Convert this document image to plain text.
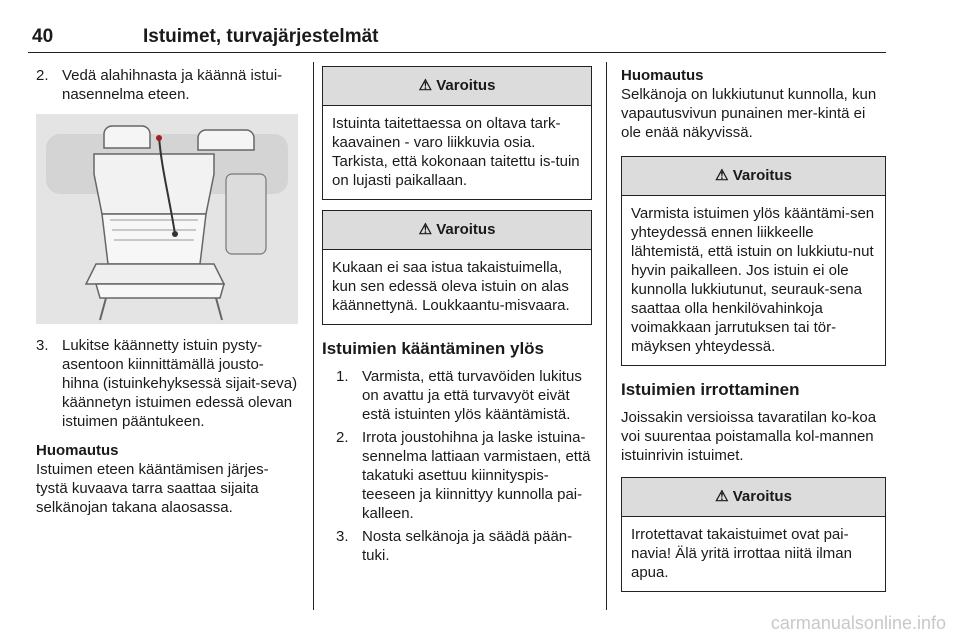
40	Istuimet, turvajärjestelmät
2. Vedä alahihnasta ja käännä istui-nasennelma eteen.
3. Lukitse käännetty istuin pysty-asentoon kiinnittämällä jousto-hihna (istuinkehyksessä sijait-seva) käännetyn istuimen edessä olevan istuimen pääntukeen.
Huomautus
Istuimen eteen kääntämisen järjes-tystä kuvaava tarra saattaa sijaita selkänojan takana alaosassa.
⚠ Varoitus
Istuinta taitettaessa on oltava tark-kaavainen - varo liikkuvia osia. Tarkista, että kokonaan taitettu is-tuin on lujasti paikallaan.
⚠ Varoitus
Kukaan ei saa istua takaistuimella, kun sen edessä oleva istuin on alas käännettynä. Loukkaantu-misvaara.
Istuimien kääntäminen ylös
1. Varmista, että turvavöiden lukitus on avattu ja että turvavyöt eivät estä istuinten ylös kääntämistä.
2. Irrota joustohihna ja laske istuina-sennelma lattiaan varmistaen, että takatuki asettuu kiinnityspis-teeseen ja kiinnittyy kunnolla pai-kalleen.
3. Nosta selkänoja ja säädä pään-tuki.
Huomautus
Selkänoja on lukkiutunut kunnolla, kun vapautusvivun punainen mer-kintä ei ole enää näkyvissä.
⚠ Varoitus
Varmista istuimen ylös kääntämi-sen yhteydessä ennen liikkeelle lähtemistä, että istuin on lukkiutu-nut hyvin paikalleen. Jos istuin ei ole kunnolla lukkiutunut, seurauk-sena saattaa olla henkilövahinkoja voimakkaan jarrutuksen tai tör-mäyksen yhteydessä.
Istuimien irrottaminen
Joissakin versioissa tavaratilan ko-koa voi suurentaa poistamalla kol-mannen istuinrivin istuimet.
⚠ Varoitus
Irrotettavat takaistuimet ovat pai-navia! Älä yritä irrottaa niitä ilman apua.
carmanualsonline.info
